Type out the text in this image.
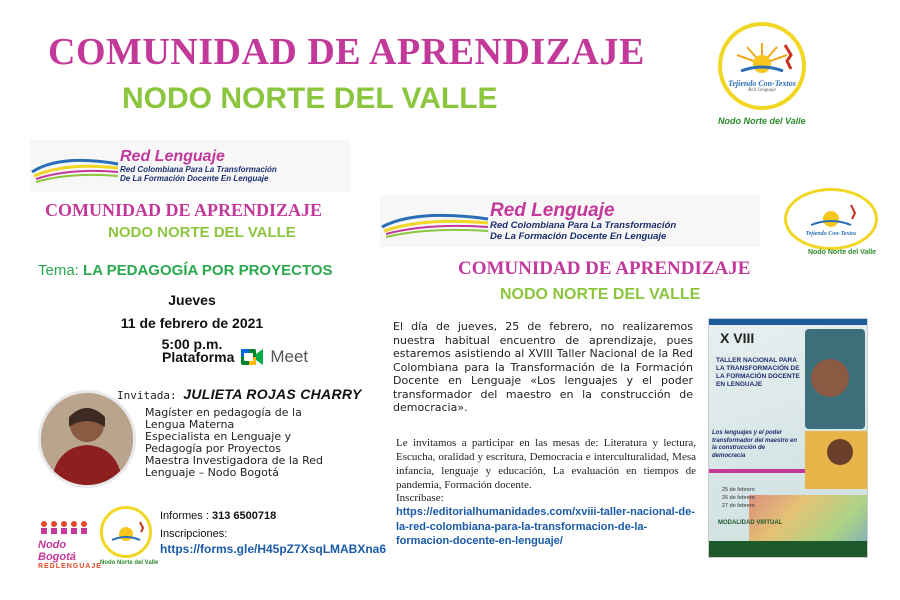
COMUNIDAD DE APRENDIZAJE
NODO NORTE DEL VALLE	Tejiendo Con-Textos
Red Lenguaje
Nodo Norte del Valle
Red Lenguaje
Red Colombiana Para La Transformación
De La Formación Docente En Lenguaje
COMUNIDAD DE APRENDIZAJE
NODO NORTE DEL VALLE
Tema: LA PEDAGOGÍA POR PROYECTOS
Jueves
11 de febrero de 2021
5:00 p.m.
Plataforma Meet
Invitada: JULIETA ROJAS CHARRY
Magíster en pedagogía de la Lengua Materna
Especialista en Lenguaje y Pedagogía por Proyectos
Maestra Investigadora de la Red Lenguaje – Nodo Bogotá
Nodo Bogotá
REDLENGUAJE
Nodo Norte del Valle
Informes : 313 6500718
Inscripciones:
https://forms.gle/H45pZ7XsqLMABXna6
Red Lenguaje
Red Colombiana Para La Transformación
De La Formación Docente En Lenguaje	Tejiendo Con-Textos
Nodo Norte del Valle
COMUNIDAD DE APRENDIZAJE
NODO NORTE DEL VALLE
El día de jueves, 25 de febrero, no realizaremos nuestra habitual encuentro de aprendizaje, pues estaremos asistiendo al XVIII Taller Nacional de la Red Colombiana para la Transformación de la Formación Docente en Lenguaje «Los lenguajes y el poder transformador del maestro en la construcción de democracia».
Le invitamos a participar en las mesas de: Literatura y lectura, Escucha, oralidad y escritura, Democracia e interculturalidad, Mesa infancia, lenguaje y educación, La evaluación en tiempos de pandemia, Formación docente.
Inscríbase:
https://editorialhumanidades.com/xviii-taller-nacional-de-la-red-colombiana-para-la-transformacion-de-la-formacion-docente-en-lenguaje/
X VIII
TALLER NACIONAL PARA LA TRANSFORMACIÓN DE LA FORMACIÓN DOCENTE EN LENGUAJE
Los lenguajes y el poder transformador del maestro en la construcción de democracia
25 de febrero
26 de febrero
27 de febrero
MODALIDAD VIRTUAL
